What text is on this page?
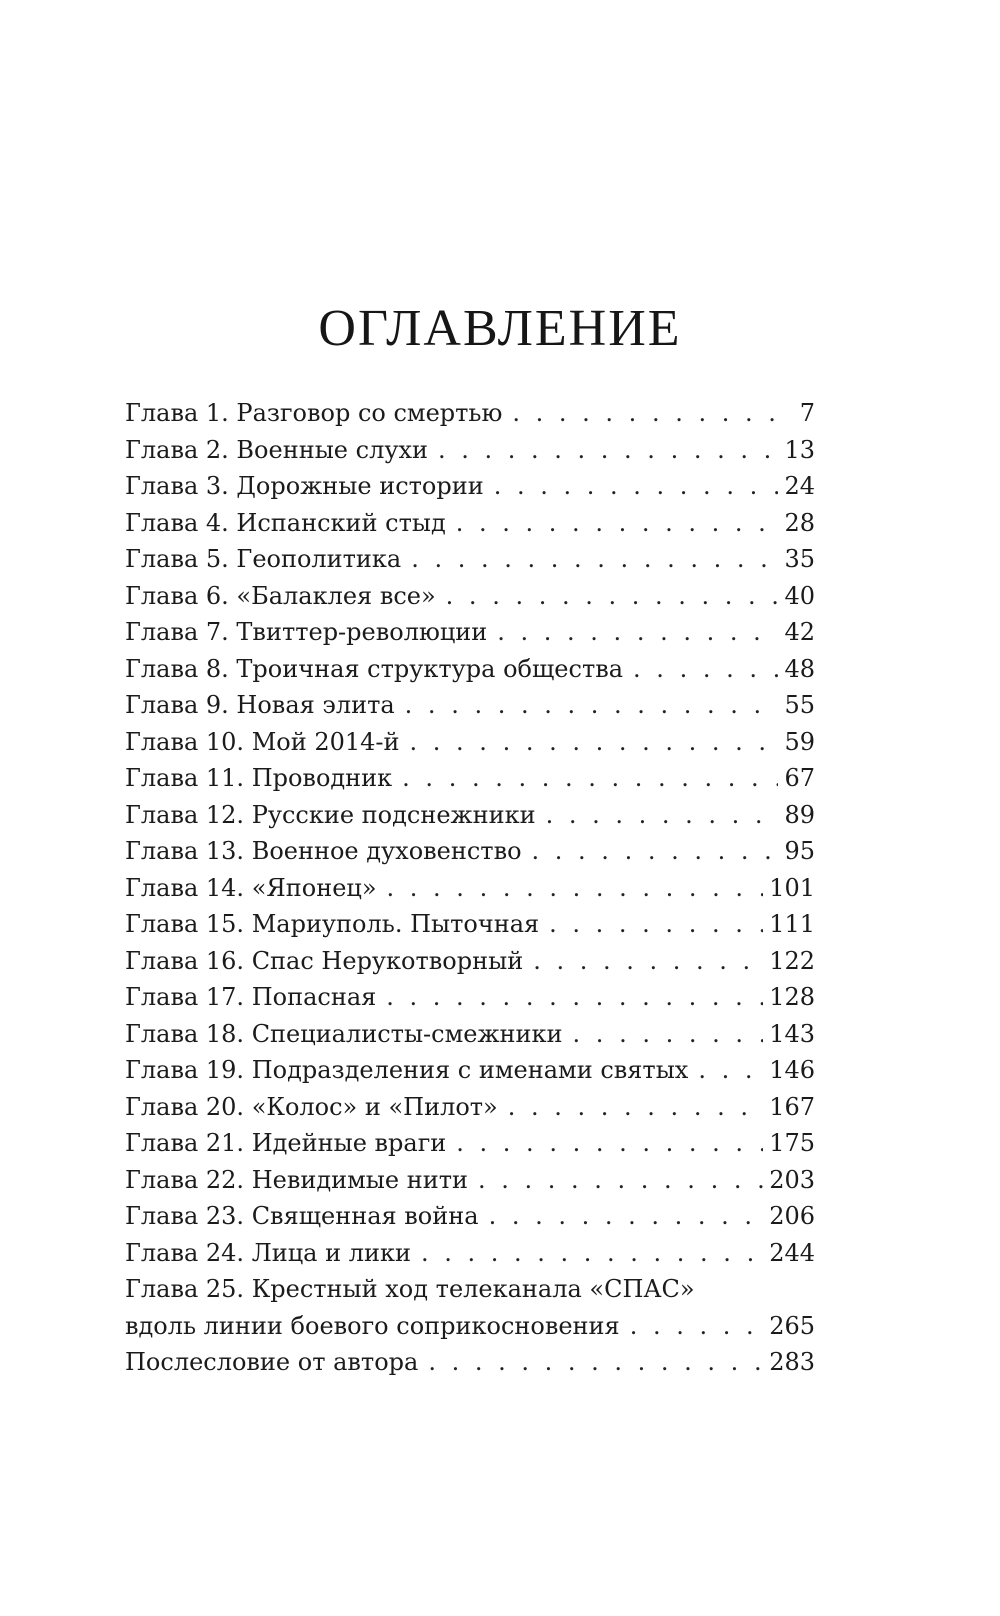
ОГЛАВЛЕНИЕ
Глава 1. Разговор со смертью . . .	7
Глава 2. Военные слухи . . .	13
Глава 3. Дорожные истории . . .	24
Глава 4. Испанский стыд . . .	28
Глава 5. Геополитика . . .	35
Глава 6. «Балаклея все» . . .	40
Глава 7. Твиттер-революции . . .	42
Глава 8. Троичная структура общества . . .	48
Глава 9. Новая элита . . .	55
Глава 10. Мой 2014-й . . .	59
Глава 11. Проводник . . .	67
Глава 12. Русские подснежники . . .	89
Глава 13. Военное духовенство . . .	95
Глава 14. «Японец» . . .	101
Глава 15. Мариуполь. Пыточная . . .	111
Глава 16. Спас Нерукотворный . . .	122
Глава 17. Попасная . . .	128
Глава 18. Специалисты-смежники . . .	143
Глава 19. Подразделения с именами святых . . .	146
Глава 20. «Колос» и «Пилот» . . .	167
Глава 21. Идейные враги . . .	175
Глава 22. Невидимые нити . . .	203
Глава 23. Священная война . . .	206
Глава 24. Лица и лики . . .	244
Глава 25. Крестный ход телеканала «СПАС»
вдоль линии боевого соприкосновения . . .	265
Послесловие от автора . . .	283
